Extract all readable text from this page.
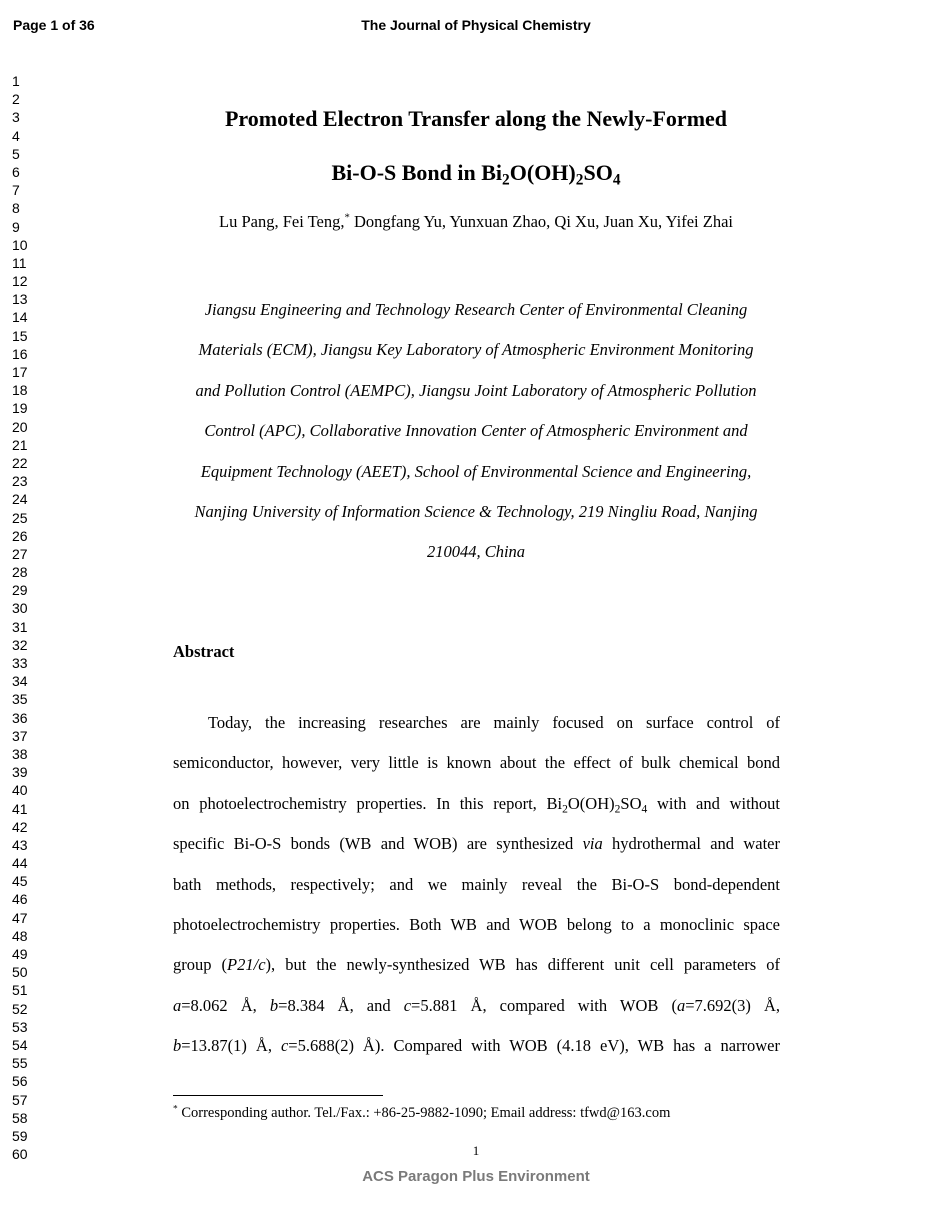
Page 1 of 36	The Journal of Physical Chemistry
1
2
3
4
5
6
7
8
9
10
11
12
13
14
15
16
17
18
19
20
21
22
23
24
25
26
27
28
29
30
31
32
33
34
35
36
37
38
39
40
41
42
43
44
45
46
47
48
49
50
51
52
53
54
55
56
57
58
59
60
Promoted Electron Transfer along the Newly-Formed
Bi-O-S Bond in $Bi_2O(OH)_2SO_4$
Lu Pang, Fei Teng,* Dongfang Yu, Yunxuan Zhao, Qi Xu, Juan Xu, Yifei Zhai
Jiangsu Engineering and Technology Research Center of Environmental Cleaning
Materials (ECM), Jiangsu Key Laboratory of Atmospheric Environment Monitoring
and Pollution Control (AEMPC), Jiangsu Joint Laboratory of Atmospheric Pollution
Control (APC), Collaborative Innovation Center of Atmospheric Environment and
Equipment Technology (AEET), School of Environmental Science and Engineering,
Nanjing University of Information Science & Technology, 219 Ningliu Road, Nanjing
210044, China
Abstract
Today, the increasing researches are mainly focused on surface control of
semiconductor, however, very little is known about the effect of bulk chemical bond
on photoelectrochemistry properties. In this report, $Bi_2O(OH)_2SO_4$ with and without
specific Bi-O-S bonds (WB and WOB) are synthesized via hydrothermal and water
bath methods, respectively; and we mainly reveal the Bi-O-S bond-dependent
photoelectrochemistry properties. Both WB and WOB belong to a monoclinic space
group (P21/c), but the newly-synthesized WB has different unit cell parameters of
a=8.062 Å, b=8.384 Å, and c=5.881 Å, compared with WOB (a=7.692(3) Å,
b=13.87(1) Å, c=5.688(2) Å). Compared with WOB (4.18 eV), WB has a narrower
* Corresponding author. Tel./Fax.: +86-25-9882-1090; Email address: tfwd@163.com
1
ACS Paragon Plus Environment
